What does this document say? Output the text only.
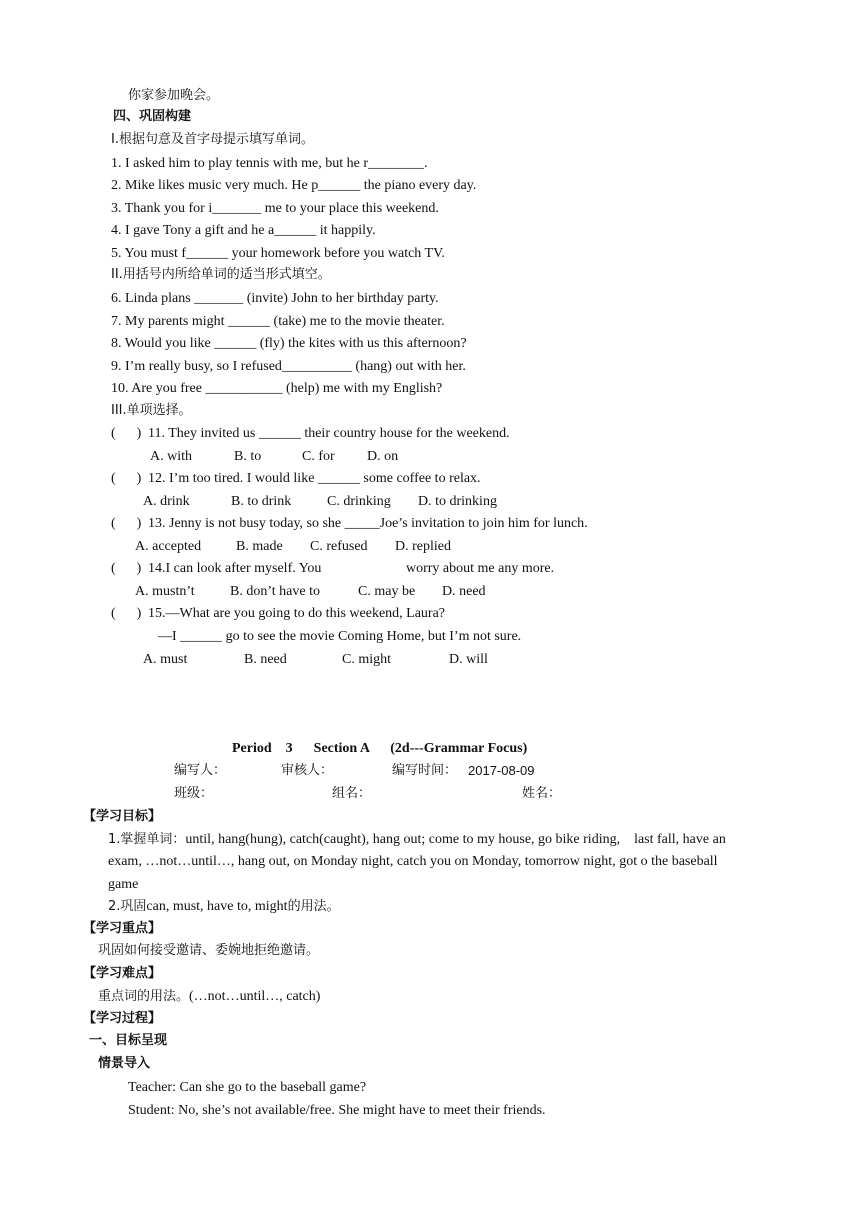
你家参加晚会。
四、巩固构建
I.根据句意及首字母提示填写单词。
1. I asked him to play tennis with me, but he r________.
2. Mike likes music very much. He p______ the piano every day.
3. Thank you for i_______ me to your place this weekend.
4. I gave Tony a gift and he a______ it happily.
5. You must f______ your homework before you watch TV.
II.用括号内所给单词的适当形式填空。
6. Linda plans _______ (invite) John to her birthday party.
7. My parents might ______ (take) me to the movie theater.
8. Would you like ______ (fly) the kites with us this afternoon?
9. I’m really busy, so I refused__________ (hang) out with her.
10. Are you free ___________ (help) me with my English?
III.单项选择。
(      ) 11. They invited us ______ their country house for the weekend.
A. with	B. to	C. for D. on
(      ) 12. I’m too tired. I would like ______ some coffee to relax.
A. drink	B. to drink	C. drinking D. to drinking
(      ) 13. Jenny is not busy today, so she _____Joe’s invitation to join him for lunch.
A. accepted B. made C. refused D. replied
(      ) 14.I can look after myself. You	worry about me any more.
A. mustn’t	B. don’t have to	C. may be D. need
(      ) 15.—What are you going to do this weekend, Laura?
—I ______ go to see the movie Coming Home, but I’m not sure.
A. must	B. need	C. might	D. will
Period    3      Section A      (2d---Grammar Focus)
编写人：	审核人：	编写时间： 2017-08-09
班级：	组名：	姓名：
【学习目标】
1.掌握单词：until, hang(hung), catch(caught), hang out; come to my house, go bike riding,    last fall, have an
exam, …not…until…, hang out, on Monday night, catch you on Monday, tomorrow night, got o the baseball
game
2.巩固can, must, have to, might的用法。
【学习重点】
巩固如何接受邀请、委婉地拒绝邀请。
【学习难点】
重点词的用法。(…not…until…, catch)
【学习过程】
一、目标呈现
情景导入
Teacher: Can she go to the baseball game?
Student: No, she’s not available/free. She might have to meet their friends.
